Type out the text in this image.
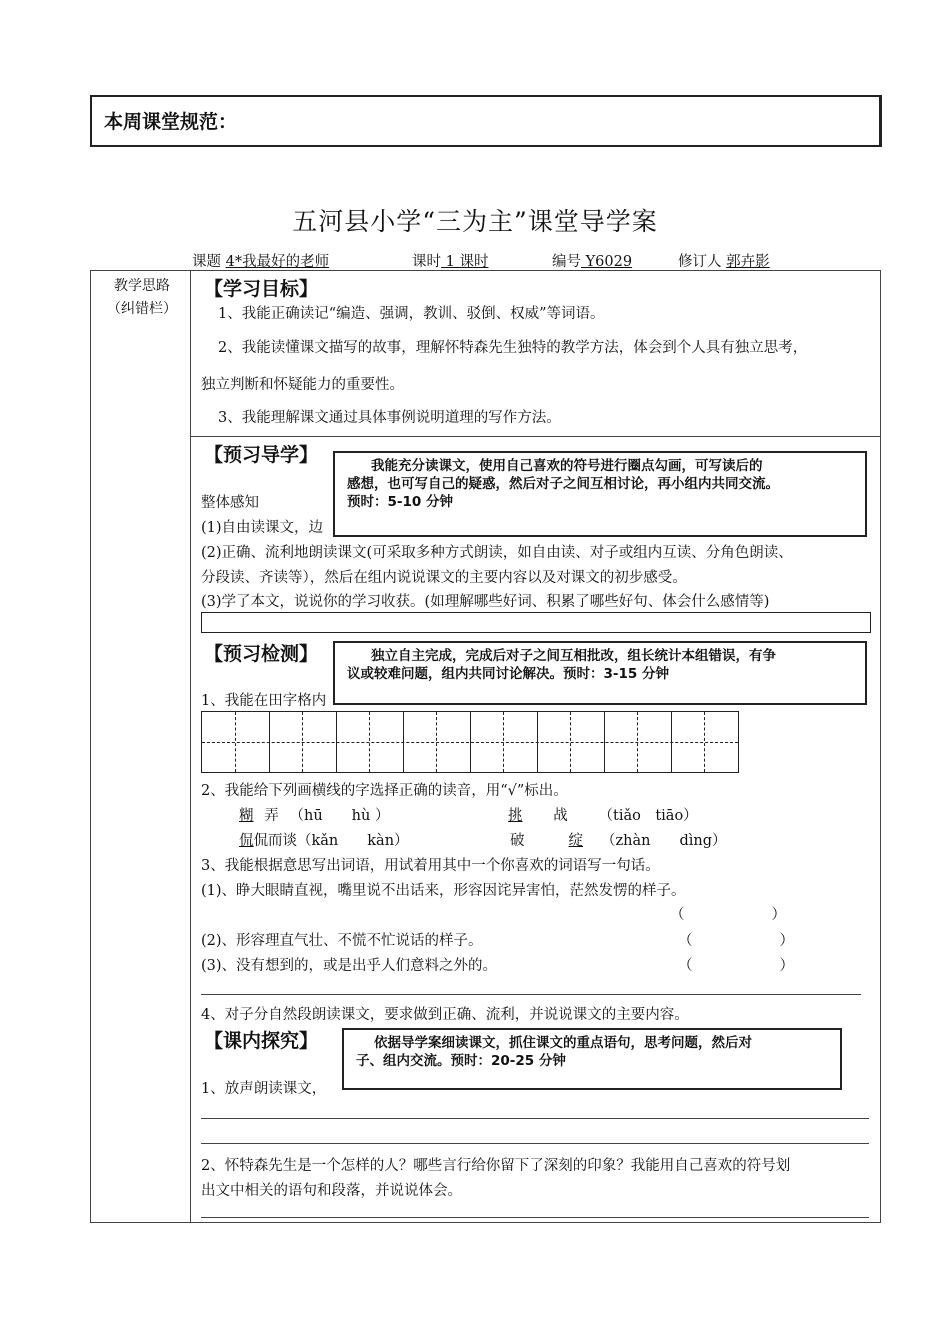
本周课堂规范：
五河县小学“三为主”课堂导学案
课题 4*我最好的老师	课时 1 课时	编号 Y6029	修订人 郭卉影
教学思路
（纠错栏）
【学习目标】
1、我能正确读记“编造、强调，教训、驳倒、权威”等词语。
2、我能读懂课文描写的故事，理解怀特森先生独特的教学方法，体会到个人具有独立思考，
独立判断和怀疑能力的重要性。
3、我能理解课文通过具体事例说明道理的写作方法。
【预习导学】
整体感知
(1)自由读课文，边
我能充分读课文，使用自己喜欢的符号进行圈点勾画，可写读后的
感想，也可写自己的疑惑，然后对子之间互相讨论，再小组内共同交流。
预时：5-10 分钟
(2)正确、流利地朗读课文(可采取多种方式朗读，如自由读、对子或组内互读、分角色朗读、
分段读、齐读等），然后在组内说说课文的主要内容以及对课文的初步感受。
(3)学了本文，说说你的学习收获。(如理解哪些好词、积累了哪些好句、体会什么感情等)
【预习检测】
1、我能在田字格内
独立自主完成，完成后对子之间互相批改，组长统计本组错误，有争
议或较难问题，组内共同讨论解决。预时：3-15 分钟
2、我能给下列画横线的字选择正确的读音，用“√”标出。
糊 弄 （hū　　hù ）	挑 战 （tiǎo　tiāo）
侃侃而谈（kǎn　　kàn）	破	绽 （zhàn　　dìng）
3、我能根据意思写出词语，用试着用其中一个你喜欢的词语写一句话。
(1)、睁大眼睛直视，嘴里说不出话来，形容因诧异害怕，茫然发愣的样子。
（　　　　　　）
(2)、形容理直气壮、不慌不忙说话的样子。	（　　　　　　）
(3)、没有想到的，或是出乎人们意料之外的。	（　　　　　　）
4、对子分自然段朗读课文，要求做到正确、流利，并说说课文的主要内容。
【课内探究】
1、放声朗读课文，
依据导学案细读课文，抓住课文的重点语句，思考问题，然后对
子、组内交流。预时：20-25 分钟
2、怀特森先生是一个怎样的人？哪些言行给你留下了深刻的印象？我能用自己喜欢的符号划
出文中相关的语句和段落，并说说体会。
